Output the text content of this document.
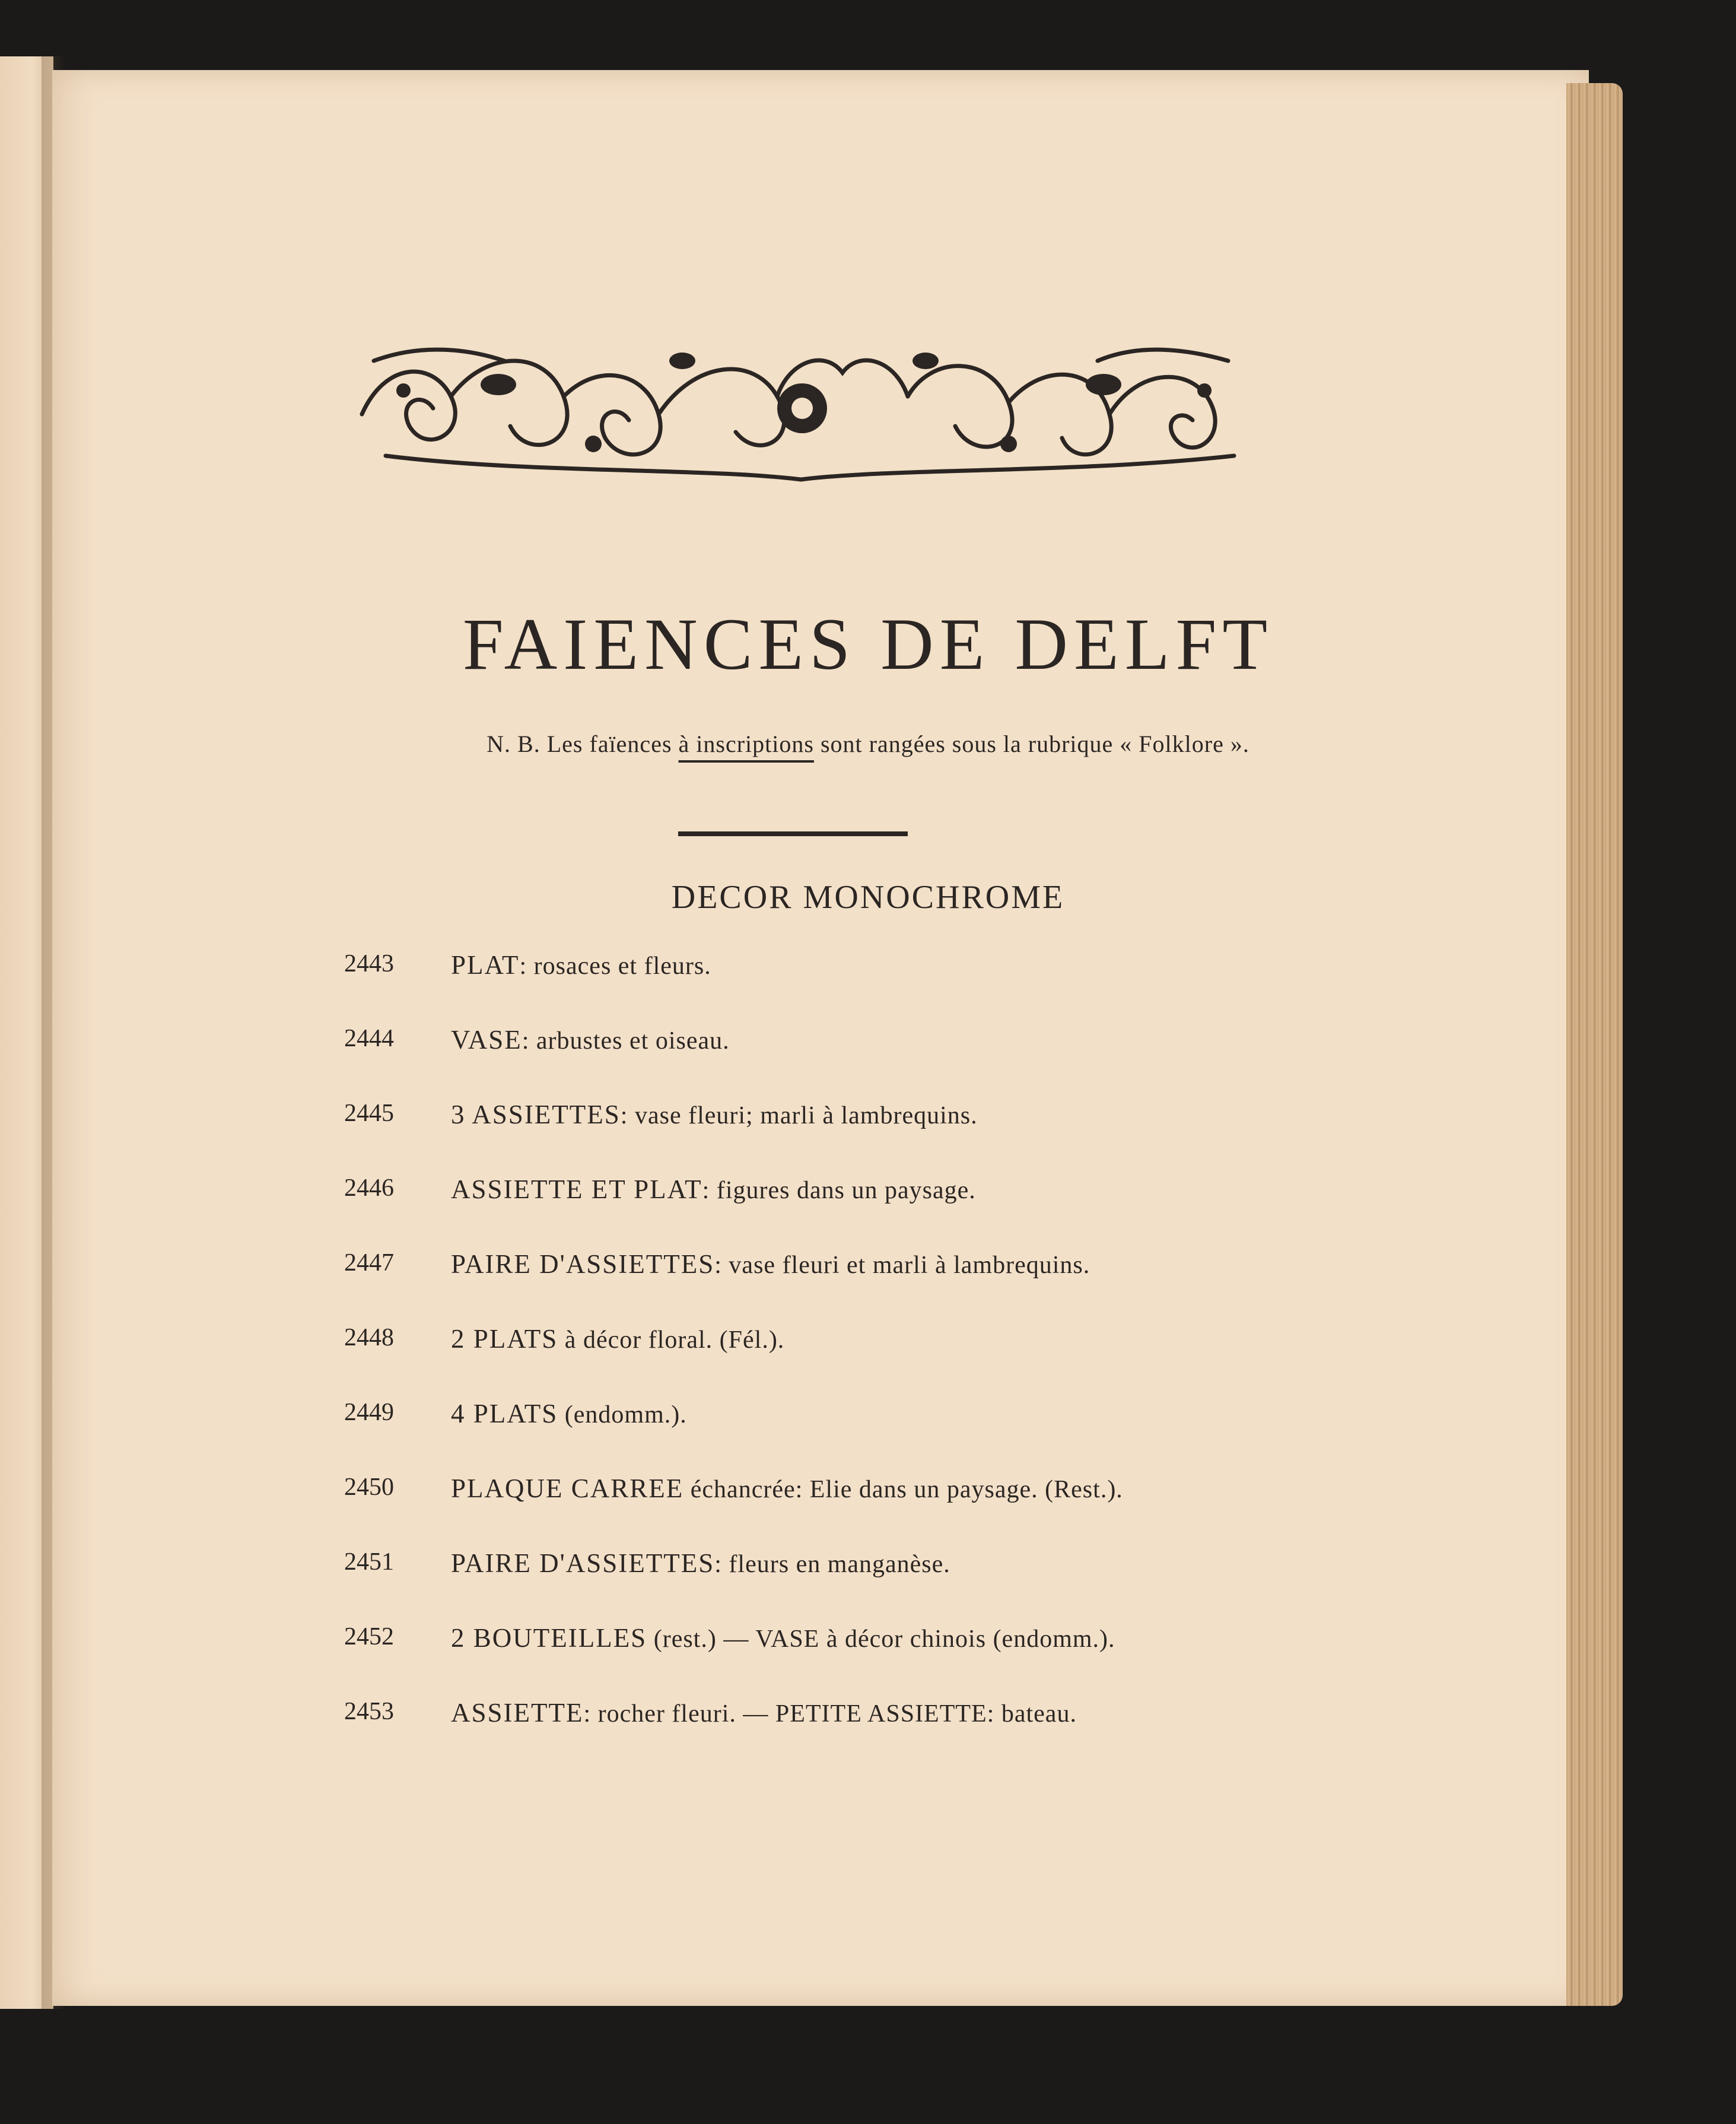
FAIENCES DE DELFT
N. B. Les faïences à inscriptions sont rangées sous la rubrique « Folklore ».
DECOR MONOCHROME
2443 PLAT: rosaces et fleurs.
2444 VASE: arbustes et oiseau.
2445 3 ASSIETTES: vase fleuri; marli à lambrequins.
2446 ASSIETTE ET PLAT: figures dans un paysage.
2447 PAIRE D'ASSIETTES: vase fleuri et marli à lambrequins.
2448 2 PLATS à décor floral. (Fél.).
2449 4 PLATS (endomm.).
2450 PLAQUE CARREE échancrée: Elie dans un paysage. (Rest.).
2451 PAIRE D'ASSIETTES: fleurs en manganèse.
2452 2 BOUTEILLES (rest.) — VASE à décor chinois (endomm.).
2453 ASSIETTE: rocher fleuri. — PETITE ASSIETTE: bateau.
